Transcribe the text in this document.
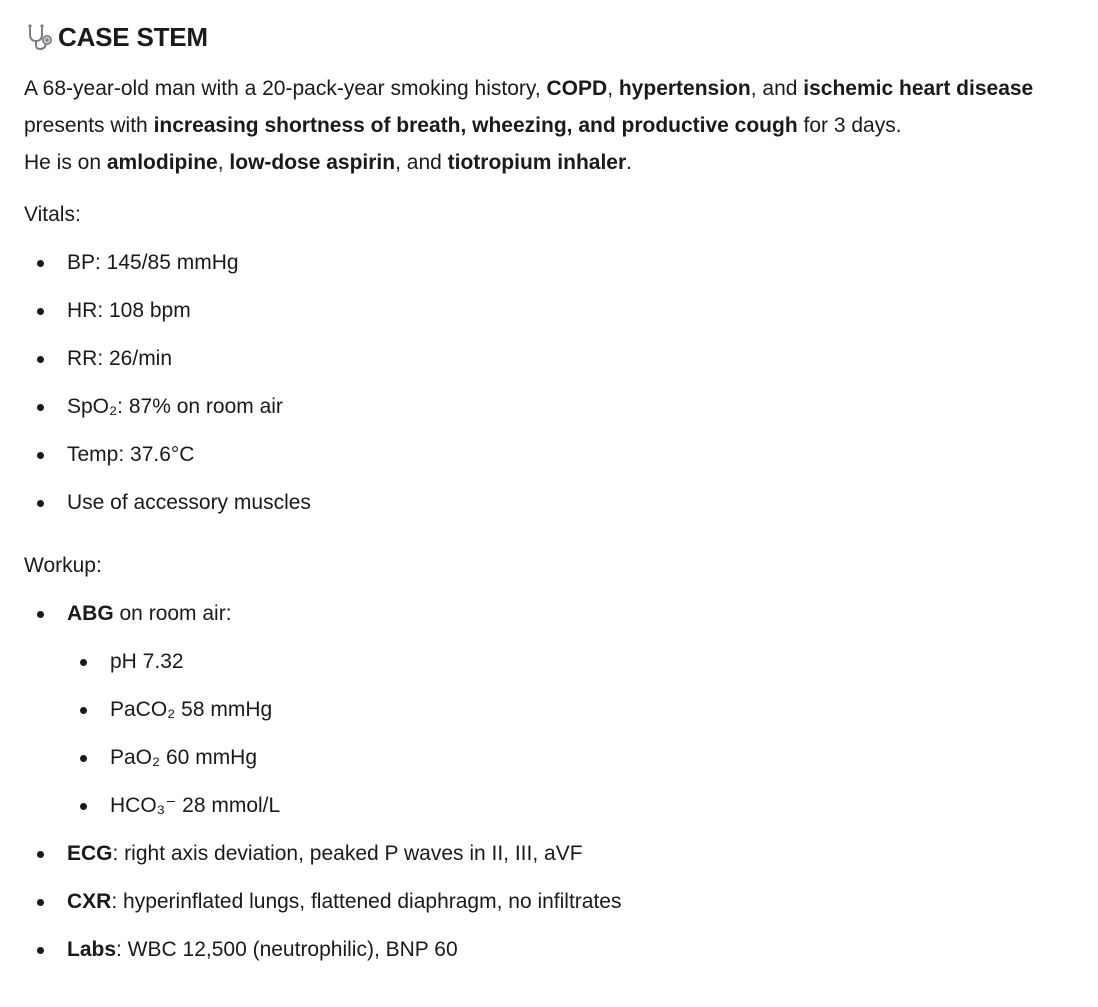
CASE STEM
A 68-year-old man with a 20-pack-year smoking history, COPD, hypertension, and ischemic heart disease presents with increasing shortness of breath, wheezing, and productive cough for 3 days.
He is on amlodipine, low-dose aspirin, and tiotropium inhaler.
Vitals:
BP: 145/85 mmHg
HR: 108 bpm
RR: 26/min
SpO₂: 87% on room air
Temp: 37.6°C
Use of accessory muscles
Workup:
ABG on room air:
pH 7.32
PaCO₂ 58 mmHg
PaO₂ 60 mmHg
HCO₃⁻ 28 mmol/L
ECG: right axis deviation, peaked P waves in II, III, aVF
CXR: hyperinflated lungs, flattened diaphragm, no infiltrates
Labs: WBC 12,500 (neutrophilic), BNP 60
